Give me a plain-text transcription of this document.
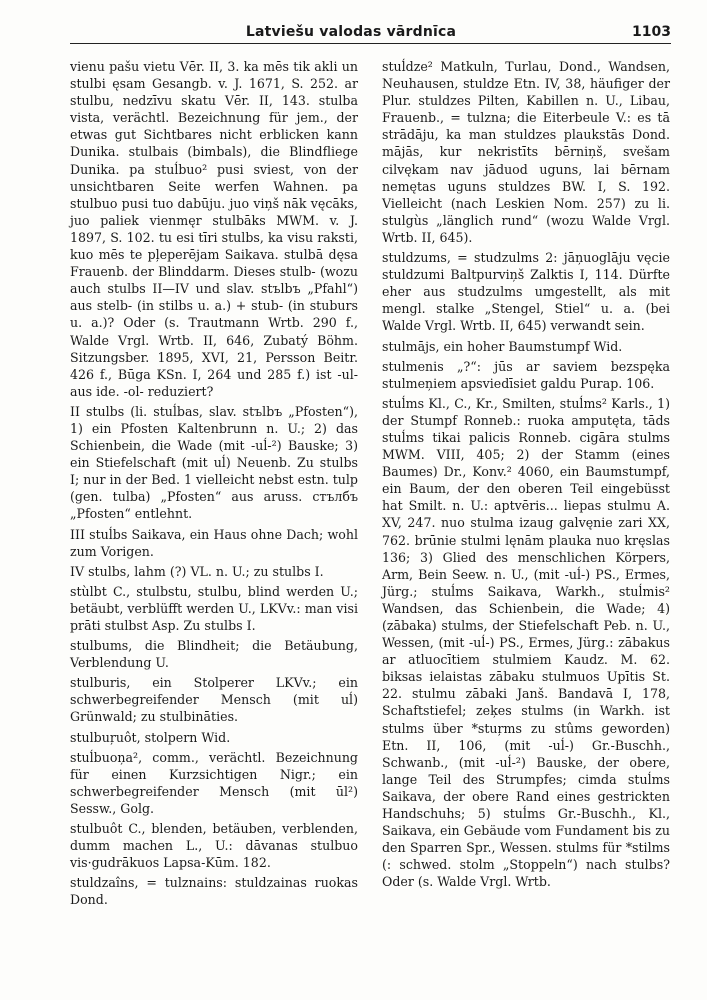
Latviešu valodas vārdnīca	1103

vienu pašu vietu Vēr. II, 3. ka mēs tik akli un stulbi ęsam Gesangb. v. J. 1671, S. 252. ar stulbu, nedzīvu skatu Vēr. II, 143. stulba vista, verächtl. Bezeichnung für jem., der etwas gut Sichtbares nicht erblicken kann Dunika. stulbais (bimbals), die Blindfliege Dunika. pa stuĺbuo² pusi sviest, von der unsichtbaren Seite werfen Wahnen. pa stulbuo pusi tuo dabūju. juo viņš nāk vęcāks, juo paliek vienmęr stulbāks MWM. v. J. 1897, S. 102. tu esi tīri stulbs, ka visu raksti, kuo mēs te pļeperējam Saikava. stulbā dęsa Frauenb. der Blinddarm. Dieses stulb- (wozu auch stulbs II—IV und slav. stъlbъ „Pfahl“) aus stelb- (in stilbs u. a.) + stub- (in stuburs u. a.)? Oder (s. Trautmann Wrtb. 290 f., Walde Vrgl. Wrtb. II, 646, Zubatý Böhm. Sitzungsber. 1895, XVI, 21, Persson Beitr. 426 f., Būga KSn. I, 264 und 285 f.) ist -ul- aus ide. -ol- reduziert?

II stulbs (li. stuĺbas, slav. stъlbъ „Pfosten“), 1) ein Pfosten Kaltenbrunn n. U.; 2) das Schienbein, die Wade (mit -uĺ-²) Bauske; 3) ein Stiefelschaft (mit uĺ) Neuenb. Zu stulbs I; nur in der Bed. 1 vielleicht nebst estn. tulp (gen. tulba) „Pfosten“ aus aruss. стълбъ „Pfosten“ entlehnt.

III stuĺbs Saikava, ein Haus ohne Dach; wohl zum Vorigen.

IV stulbs, lahm (?) VL. n. U.; zu stulbs I.

stùlbt C., stulbstu, stulbu, blind werden U.; betäubt, verblüfft werden U., LKVv.: man visi prāti stulbst Asp. Zu stulbs I.

stulbums, die Blindheit; die Betäubung, Verblendung U.

stulburis, ein Stolperer LKVv.; ein schwerbegreifender Mensch (mit uĺ) Grünwald; zu stulbināties.

stulbuŗuôt, stolpern Wid.

stuĺbuoņa², comm., verächtl. Bezeichnung für einen Kurzsichtigen Nigr.; ein schwerbegreifender Mensch (mit ūl²) Sessw., Golg.

stulbuôt C., blenden, betäuben, verblenden, dumm machen L., U.: dāvanas stulbuo vis·gudrākuos Lapsa-Kūm. 182.

stuldzaîns, = tulznains: stuldzainas ruokas Dond.

stuĺdze² Matkuln, Turlau, Dond., Wandsen, Neuhausen, stuldze Etn. IV, 38, häufiger der Plur. stuldzes Pilten, Kabillen n. U., Libau, Frauenb., = tulzna; die Eiterbeule V.: es tā strādāju, ka man stuldzes plaukstās Dond. mājās, kur nekristīts bērniņš, svešam cilvękam nav jāduod uguns, lai bērnam nemętas uguns stuldzes BW. I, S. 192. Vielleicht (nach Leskien Nom. 257) zu li. stulgùs „länglich rund“ (wozu Walde Vrgl. Wrtb. II, 645).

stuldzums, = studzulms 2: jāņuoglāju vęcie stuldzumi Baltpurviņš Zalktis I, 114. Dürfte eher aus studzulms umgestellt, als mit mengl. stalke „Stengel, Stiel“ u. a. (bei Walde Vrgl. Wrtb. II, 645) verwandt sein.

stulmājs, ein hoher Baumstumpf Wid.

stulmenis „?“: jūs ar saviem bezspęka stulmeņiem apsviedīsiet galdu Purap. 106.

stuĺms Kl., C., Kr., Smilten, stuĺms² Karls., 1) der Stumpf Ronneb.: ruoka amputęta, tāds stuĺms tikai palicis Ronneb. cigāra stulms MWM. VIII, 405; 2) der Stamm (eines Baumes) Dr., Konv.² 4060, ein Baumstumpf, ein Baum, der den oberen Teil eingebüsst hat Smilt. n. U.: aptvēris... liepas stulmu A. XV, 247. nuo stulma izaug galvęnie zari XX, 762. brūnie stulmi lęnām plauka nuo kręslas 136; 3) Glied des menschlichen Körpers, Arm, Bein Seew. n. U., (mit -uĺ-) PS., Ermes, Jürg.; stuĺms Saikava, Warkh., stuĺmis² Wandsen, das Schienbein, die Wade; 4) (zābaka) stulms, der Stiefelschaft Peb. n. U., Wessen, (mit -uĺ-) PS., Ermes, Jürg.: zābakus ar atluocītiem stulmiem Kaudz. M. 62. biksas ielaistas zābaku stulmuos Upītis St. 22. stulmu zābaki Janš. Bandavā I, 178, Schaftstiefel; zeķes stulms (in Warkh. ist stulms über *stuŗms zu stûms geworden) Etn. II, 106, (mit -uĺ-) Gr.-Buschh., Schwanb., (mit -uĺ-²) Bauske, der obere, lange Teil des Strumpfes; cimda stuĺms Saikava, der obere Rand eines gestrickten Handschuhs; 5) stuĺms Gr.-Buschh., Kl., Saikava, ein Gebäude vom Fundament bis zu den Sparren Spr., Wessen. stulms für *stilms (: schwed. stolm „Stoppeln“) nach stulbs? Oder (s. Walde Vrgl. Wrtb.
